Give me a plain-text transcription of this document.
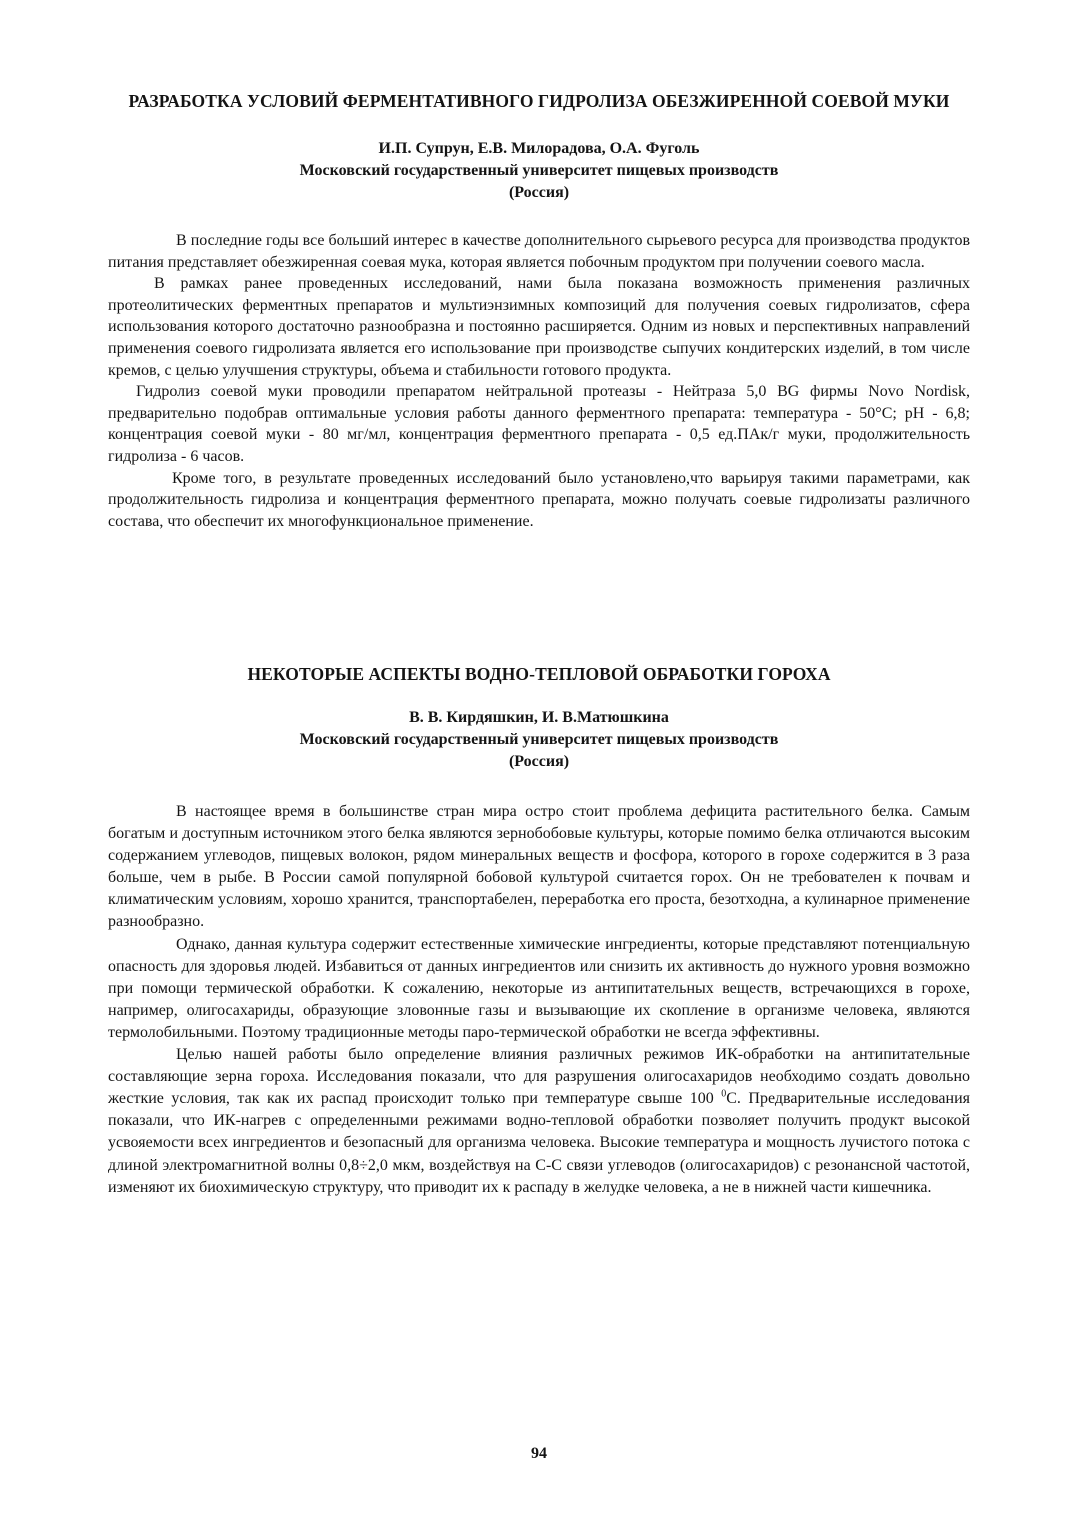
РАЗРАБОТКА УСЛОВИЙ ФЕРМЕНТАТИВНОГО ГИДРОЛИЗА ОБЕЗЖИРЕННОЙ СОЕВОЙ МУКИ

И.П. Супрун, Е.В. Милорадова, О.А. Фуголь

Московский государственный университет пищевых производств

(Россия)

В последние годы все больший интерес в качестве дополнительного сырьевого ресурса для производства продуктов питания представляет обезжиренная соевая мука, которая является побочным продуктом при получении соевого масла.

В рамках ранее проведенных исследований, нами была показана возможность применения различных протеолитических ферментных препаратов и мультиэнзимных композиций для получения соевых гидролизатов, сфера использования которого достаточно разнообразна и постоянно расширяется. Одним из новых и перспективных направлений применения соевого гидролизата является его использование при производстве сыпучих кондитерских изделий, в том числе кремов, с целью улучшения структуры, объема и стабильности готового продукта.

Гидролиз соевой муки проводили препаратом нейтральной протеазы - Нейтраза 5,0 BG фирмы Novo Nordisk, предварительно подобрав оптимальные условия работы данного ферментного препарата: температура - 50°С; рН - 6,8; концентрация соевой муки - 80 мг/мл, концентрация ферментного препарата - 0,5 ед.ПАк/г муки, продолжительность гидролиза - 6 часов.

Кроме того, в результате проведенных исследований было установлено,что варьируя такими параметрами, как продолжительность гидролиза и концентрация ферментного препарата, можно получать соевые гидролизаты различного состава, что обеспечит их многофункциональное применение.

НЕКОТОРЫЕ АСПЕКТЫ ВОДНО-ТЕПЛОВОЙ ОБРАБОТКИ ГОРОХА

В. В. Кирдяшкин, И. В.Матюшкина

Московский государственный университет пищевых производств

(Россия)

В настоящее время в большинстве стран мира остро стоит проблема дефицита растительного белка. Самым богатым и доступным источником этого белка являются зернобобовые культуры, которые помимо белка отличаются высоким содержанием углеводов, пищевых волокон, рядом минеральных веществ и фосфора, которого в горохе содержится в 3 раза больше, чем в рыбе. В России самой популярной бобовой культурой считается горох. Он не требователен к почвам и климатическим условиям, хорошо хранится, транспортабелен, переработка его проста, безотходна, а кулинарное применение разнообразно.

Однако, данная культура содержит естественные химические ингредиенты, которые представляют потенциальную опасность для здоровья людей. Избавиться от данных ингредиентов или снизить их активность до нужного уровня возможно при помощи термической обработки. К сожалению, некоторые из антипитательных веществ, встречающихся в горохе, например, олигосахариды, образующие зловонные газы и вызывающие их скопление в организме человека, являются термолобильными. Поэтому традиционные методы паро-термической обработки не всегда эффективны.

Целью нашей работы было определение влияния различных режимов ИК-обработки на антипитательные составляющие зерна гороха. Исследования показали, что для разрушения олигосахаридов необходимо создать довольно жесткие условия, так как их распад происходит только при температуре свыше 100 $^0$С. Предварительные исследования показали, что ИК-нагрев с определенными режимами водно-тепловой обработки позволяет получить продукт высокой усвояемости всех ингредиентов и безопасный для организма человека. Высокие температура и мощность лучистого потока с длиной электромагнитной волны 0,8÷2,0 мкм, воздействуя на С-С связи углеводов (олигосахаридов) с резонансной частотой, изменяют их биохимическую структуру, что приводит их к распаду в желудке человека, а не в нижней части кишечника.

94
